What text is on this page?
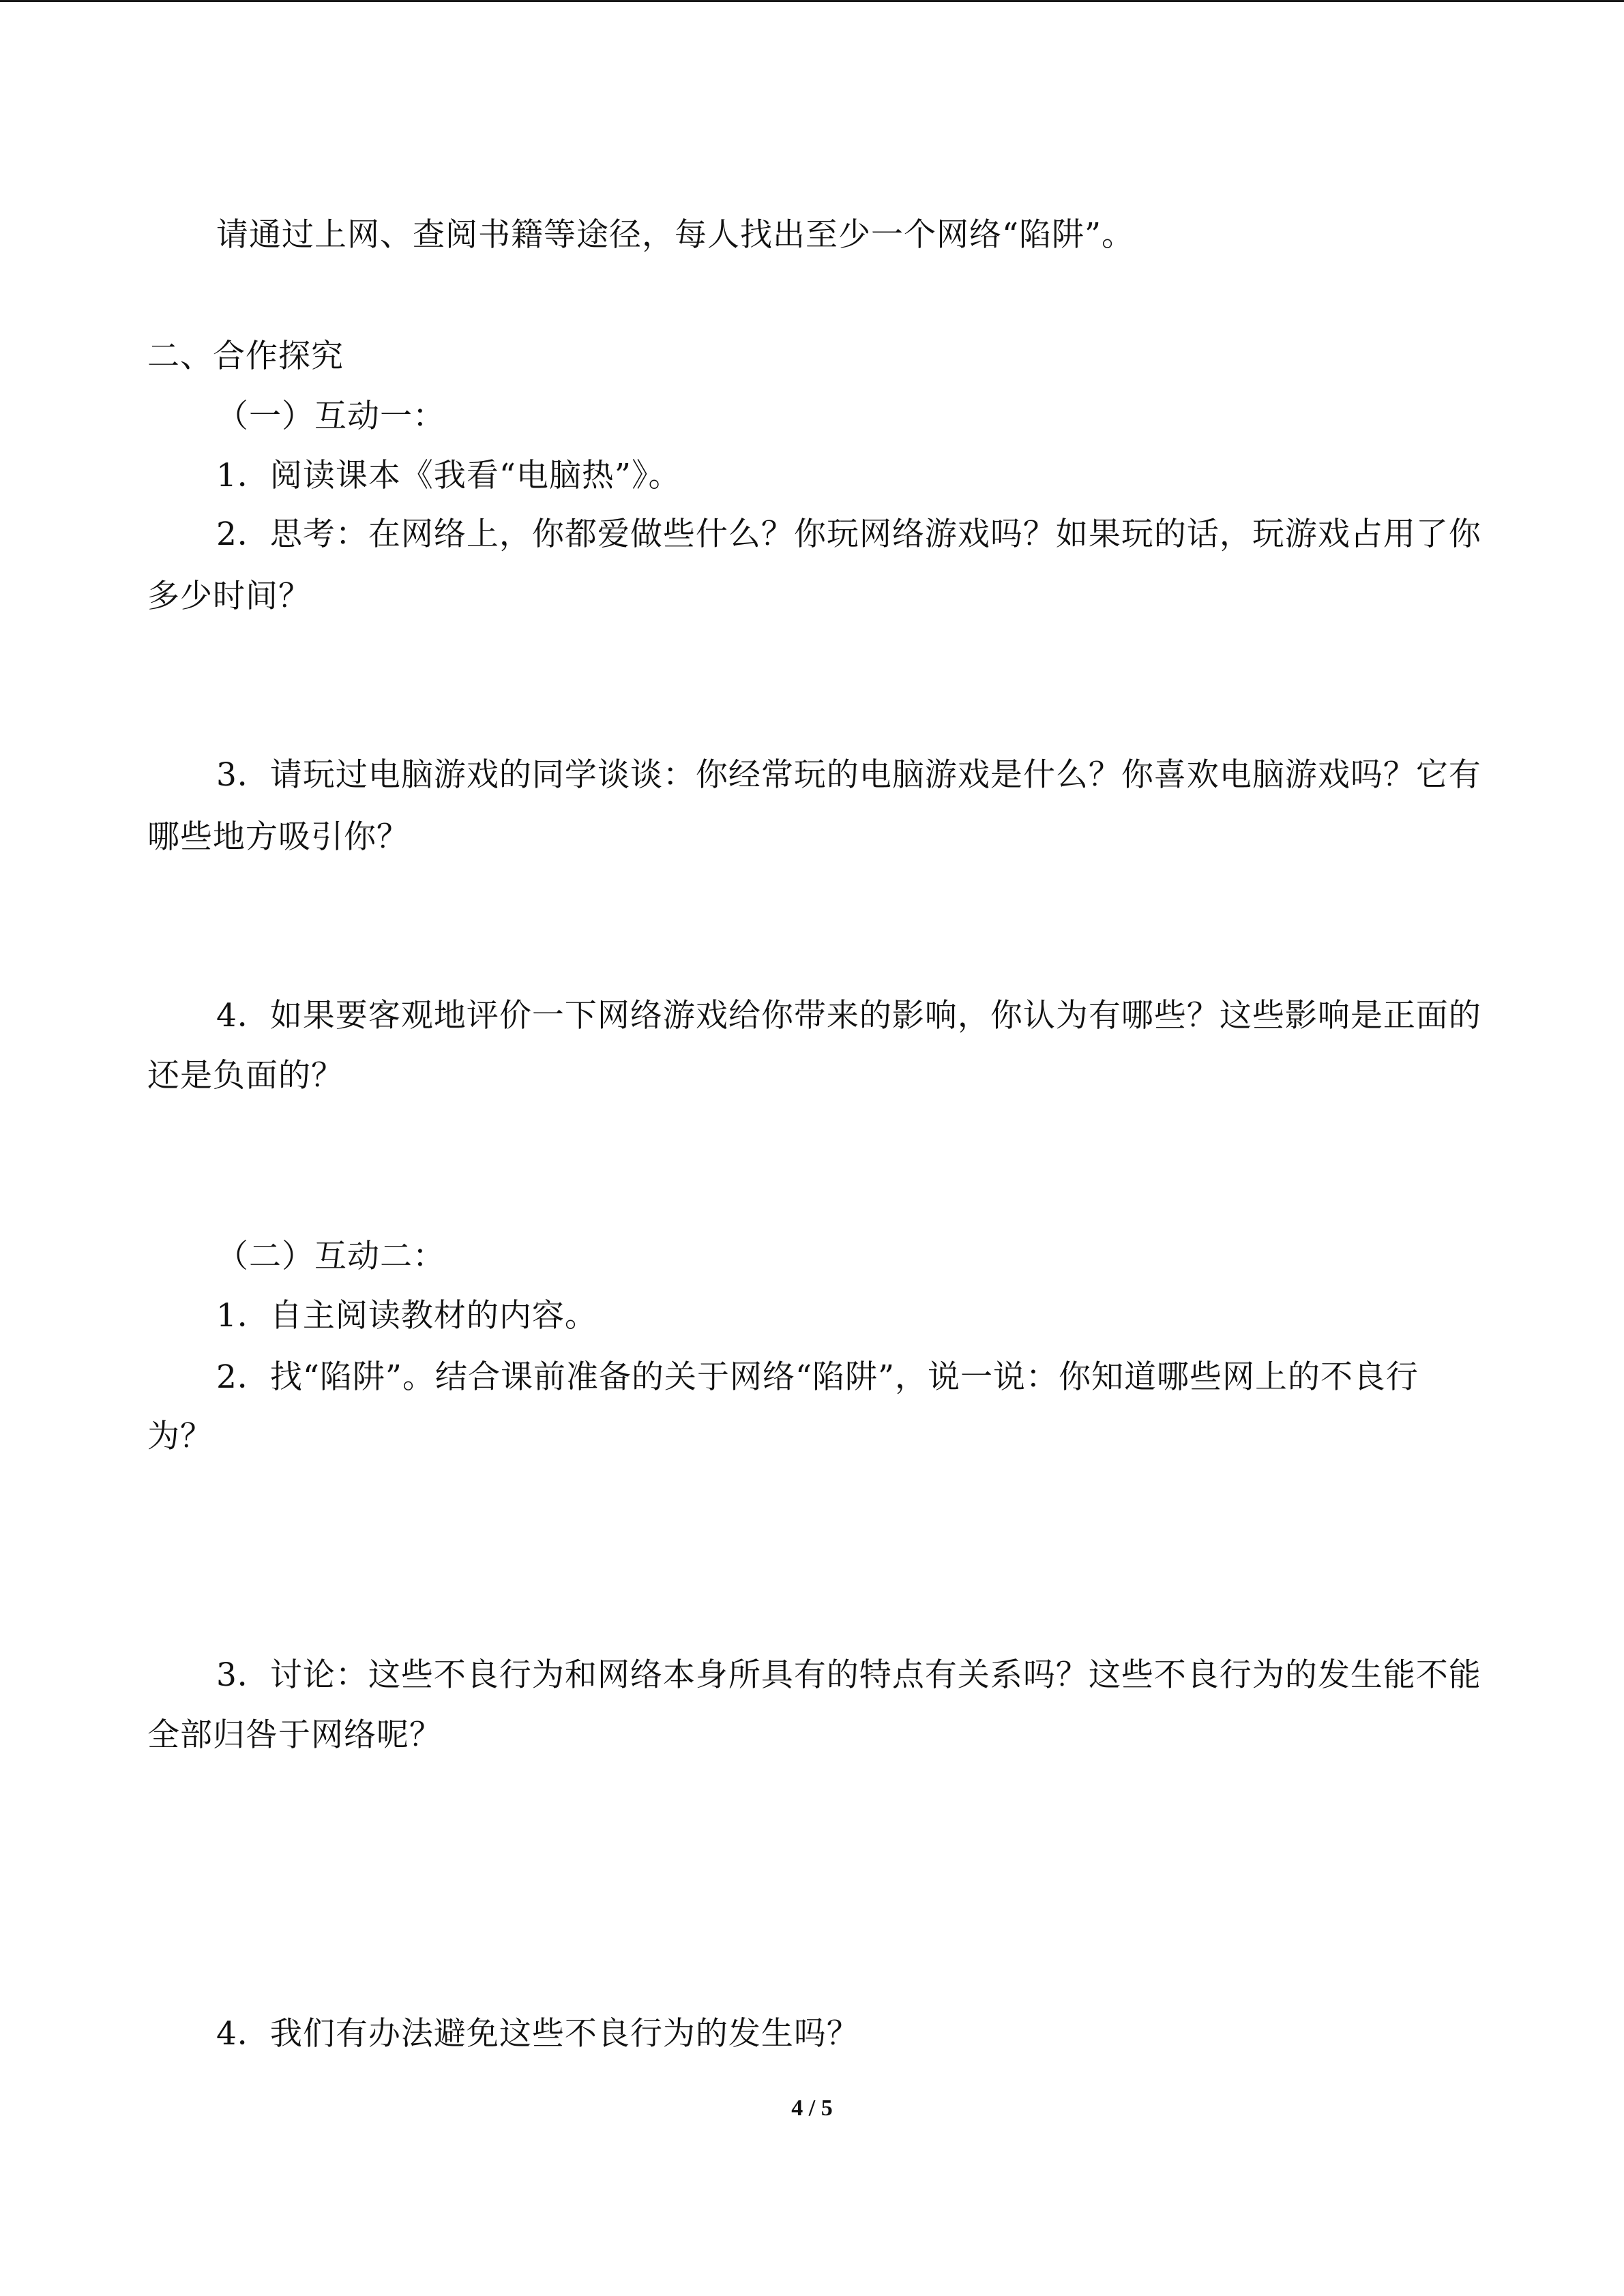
请通过上网、查阅书籍等途径，每人找出至少一个网络“陷阱”。
二、合作探究
（一）互动一：
1．阅读课本《我看“电脑热”》。
2．思考：在网络上，你都爱做些什么？你玩网络游戏吗？如果玩的话，玩游戏占用了你
多少时间？
3．请玩过电脑游戏的同学谈谈：你经常玩的电脑游戏是什么？你喜欢电脑游戏吗？它有
哪些地方吸引你？
4．如果要客观地评价一下网络游戏给你带来的影响，你认为有哪些？这些影响是正面的
还是负面的？
（二）互动二：
1．自主阅读教材的内容。
2．找“陷阱”。结合课前准备的关于网络“陷阱”，说一说：你知道哪些网上的不良行
为？
3．讨论：这些不良行为和网络本身所具有的特点有关系吗？这些不良行为的发生能不能
全部归咎于网络呢？
4．我们有办法避免这些不良行为的发生吗？
4 / 5
